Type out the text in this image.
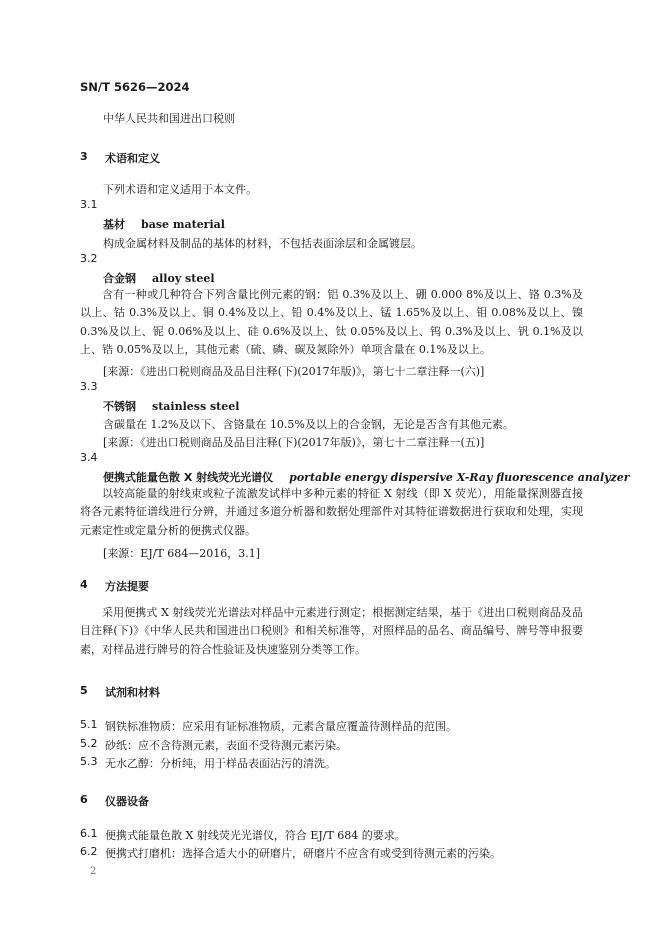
SN/T 5626—2024
中华人民共和国进出口税则
3 术语和定义
下列术语和定义适用于本文件。
3.1
基材 base material
构成金属材料及制品的基体的材料，不包括表面涂层和金属镀层。
3.2
合金钢 alloy steel
含有一种或几种符合下列含量比例元素的钢：铝 0.3%及以上、硼 0.000 8%及以上、铬 0.3%及以上、钴 0.3%及以上、铜 0.4%及以上、铅 0.4%及以上、锰 1.65%及以上、钼 0.08%及以上、镍 0.3%及以上、铌 0.06%及以上、硅 0.6%及以上、钛 0.05%及以上、钨 0.3%及以上、钒 0.1%及以上、锆 0.05%及以上，其他元素（硫、磷、碳及氮除外）单项含量在 0.1%及以上。
[来源：《进出口税则商品及品目注释(下)(2017年版)》，第七十二章注释一(六)]
3.3
不锈钢 stainless steel
含碳量在 1.2%及以下、含铬量在 10.5%及以上的合金钢，无论是否含有其他元素。
[来源：《进出口税则商品及品目注释(下)(2017年版)》，第七十二章注释一(五)]
3.4
便携式能量色散 X 射线荧光光谱仪 portable energy dispersive X-Ray fluorescence analyzer
以较高能量的射线束或粒子流激发试样中多种元素的特征 X 射线（即 X 荧光），用能量探测器直接将各元素特征谱线进行分辨，并通过多道分析器和数据处理部件对其特征谱数据进行获取和处理，实现元素定性或定量分析的便携式仪器。
[来源：EJ/T 684—2016，3.1]
4 方法提要
采用便携式 X 射线荧光光谱法对样品中元素进行测定；根据测定结果，基于《进出口税则商品及品目注释(下)》《中华人民共和国进出口税则》和相关标准等，对照样品的品名、商品编号、牌号等申报要素，对样品进行牌号的符合性验证及快速鉴别分类等工作。
5 试剂和材料
5.1 钢铁标准物质：应采用有证标准物质，元素含量应覆盖待测样品的范围。
5.2 砂纸：应不含待测元素，表面不受待测元素污染。
5.3 无水乙醇：分析纯，用于样品表面沾污的清洗。
6 仪器设备
6.1 便携式能量色散 X 射线荧光光谱仪，符合 EJ/T 684 的要求。
6.2 便携式打磨机：选择合适大小的研磨片，研磨片不应含有或受到待测元素的污染。
2
